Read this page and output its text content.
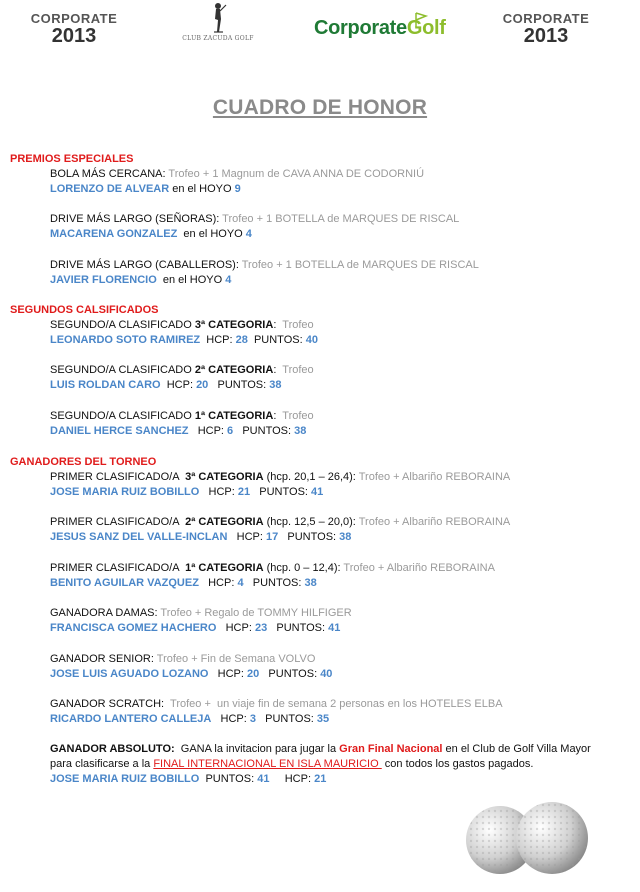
CORPORATE
2013	CLUB ZACUDA GOLF	CorporateGolf	CORPORATE
2013
CUADRO DE HONOR
PREMIOS ESPECIALES
BOLA MÁS CERCANA: Trofeo + 1 Magnum de CAVA ANNA DE CODORNIÚ
LORENZO DE ALVEAR en el HOYO 9
DRIVE MÁS LARGO (SEÑORAS): Trofeo + 1 BOTELLA de MARQUES DE RISCAL
MACARENA GONZALEZ  en el HOYO 4
DRIVE MÁS LARGO (CABALLEROS): Trofeo + 1 BOTELLA de MARQUES DE RISCAL
JAVIER FLORENCIO  en el HOYO 4
SEGUNDOS CALSIFICADOS
SEGUNDO/A CLASIFICADO 3ª CATEGORIA:  Trofeo
LEONARDO SOTO RAMIREZ  HCP: 28  PUNTOS: 40
SEGUNDO/A CLASIFICADO 2ª CATEGORIA:  Trofeo
LUIS ROLDAN CARO  HCP: 20   PUNTOS: 38
SEGUNDO/A CLASIFICADO 1ª CATEGORIA:  Trofeo
DANIEL HERCE SANCHEZ   HCP: 6   PUNTOS: 38
GANADORES DEL TORNEO
PRIMER CLASIFICADO/A  3ª CATEGORIA (hcp. 20,1 – 26,4): Trofeo + Albariño REBORAINA
JOSE MARIA RUIZ BOBILLO   HCP: 21   PUNTOS: 41
PRIMER CLASIFICADO/A  2ª CATEGORIA (hcp. 12,5 – 20,0): Trofeo + Albariño REBORAINA
JESUS SANZ DEL VALLE-INCLAN   HCP: 17   PUNTOS: 38
PRIMER CLASIFICADO/A  1ª CATEGORIA (hcp. 0 – 12,4): Trofeo + Albariño REBORAINA
BENITO AGUILAR VAZQUEZ   HCP: 4   PUNTOS: 38
GANADORA DAMAS: Trofeo + Regalo de TOMMY HILFIGER
FRANCISCA GOMEZ HACHERO   HCP: 23   PUNTOS: 41
GANADOR SENIOR: Trofeo + Fin de Semana VOLVO
JOSE LUIS AGUADO LOZANO   HCP: 20   PUNTOS: 40
GANADOR SCRATCH:  Trofeo +  un viaje fin de semana 2 personas en los HOTELES ELBA
RICARDO LANTERO CALLEJA   HCP: 3   PUNTOS: 35
GANADOR ABSOLUTO:  GANA la invitacion para jugar la Gran Final Nacional en el Club de Golf Villa Mayor
para clasificarse a la FINAL INTERNACIONAL EN ISLA MAURICIO  con todos los gastos pagados.
JOSE MARIA RUIZ BOBILLO  PUNTOS: 41     HCP: 21
